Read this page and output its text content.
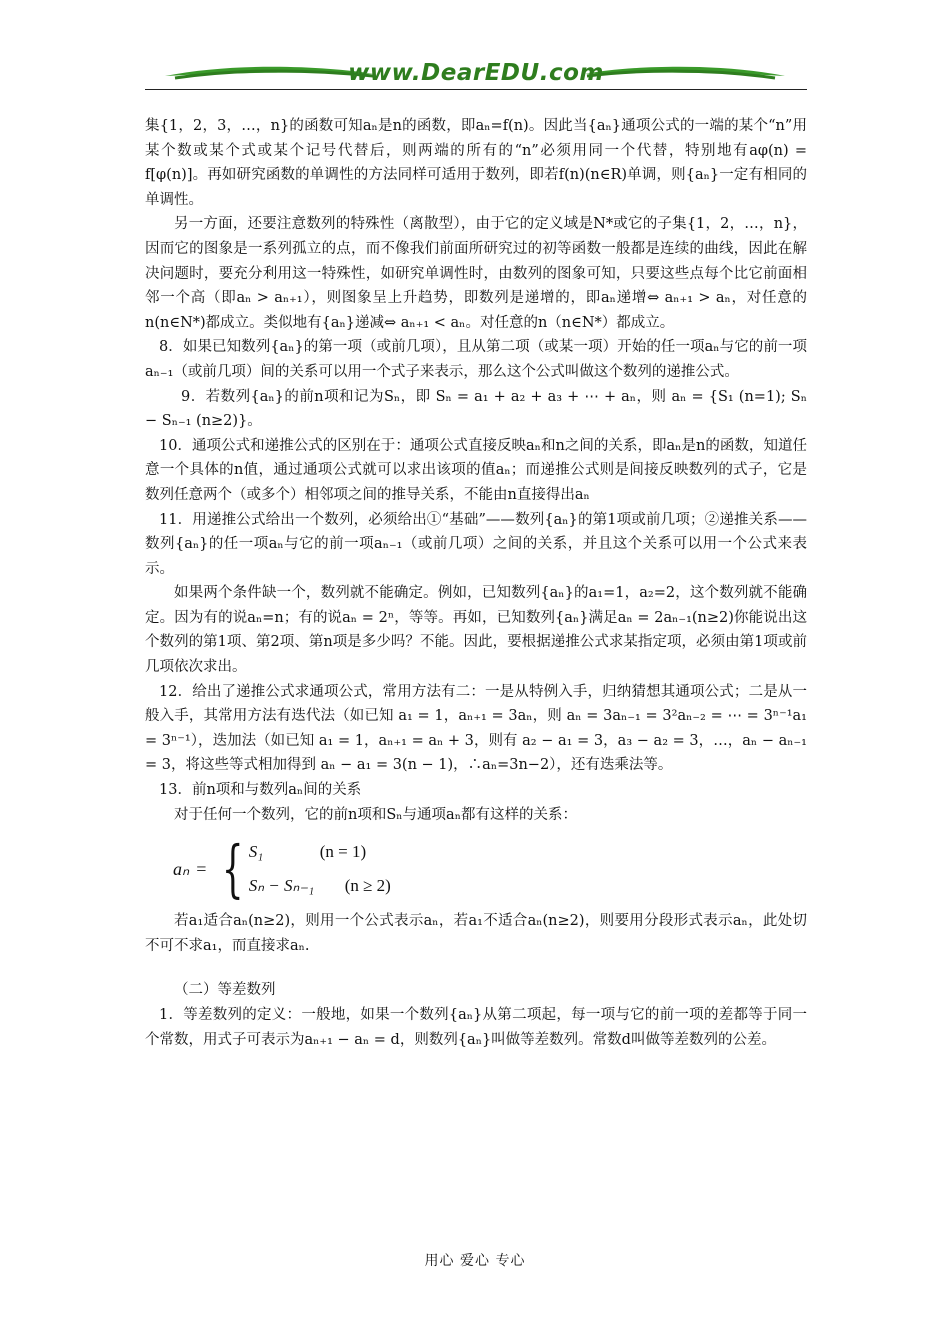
www.DearEDU.com

集{1，2，3，…，n}的函数可知aₙ是n的函数，即aₙ=f(n)。因此当{aₙ}通项公式的一端的某个“n”用某个数或某个式或某个记号代替后，则两端的所有的“n”必须用同一个代替，特别地有aφ(n) = f[φ(n)]。再如研究函数的单调性的方法同样可适用于数列，即若f(n)(n∈R)单调，则{aₙ}一定有相同的单调性。

另一方面，还要注意数列的特殊性（离散型），由于它的定义域是N*或它的子集{1，2，…，n}，因而它的图象是一系列孤立的点，而不像我们前面所研究过的初等函数一般都是连续的曲线，因此在解决问题时，要充分利用这一特殊性，如研究单调性时，由数列的图象可知，只要这些点每个比它前面相邻一个高（即aₙ > aₙ₊₁），则图象呈上升趋势，即数列是递增的，即aₙ递增⇔ aₙ₊₁ > aₙ，对任意的n(n∈N*)都成立。类似地有{aₙ}递减⇔ aₙ₊₁ < aₙ。对任意的n（n∈N*）都成立。

8．如果已知数列{aₙ}的第一项（或前几项），且从第二项（或某一项）开始的任一项aₙ与它的前一项aₙ₋₁（或前几项）间的关系可以用一个式子来表示，那么这个公式叫做这个数列的递推公式。

9．若数列{aₙ}的前n项和记为Sₙ，即 Sₙ = a₁ + a₂ + a₃ + ⋯ + aₙ，则 aₙ = {S₁ (n=1); Sₙ − Sₙ₋₁ (n≥2)}。

10．通项公式和递推公式的区别在于：通项公式直接反映aₙ和n之间的关系，即aₙ是n的函数，知道任意一个具体的n值，通过通项公式就可以求出该项的值aₙ；而递推公式则是间接反映数列的式子，它是数列任意两个（或多个）相邻项之间的推导关系，不能由n直接得出aₙ

11．用递推公式给出一个数列，必须给出①“基础”——数列{aₙ}的第1项或前几项；②递推关系——数列{aₙ}的任一项aₙ与它的前一项aₙ₋₁（或前几项）之间的关系，并且这个关系可以用一个公式来表示。

如果两个条件缺一个，数列就不能确定。例如，已知数列{aₙ}的a₁=1，a₂=2，这个数列就不能确定。因为有的说aₙ=n；有的说aₙ = 2ⁿ，等等。再如，已知数列{aₙ}满足aₙ = 2aₙ₋₁(n≥2)你能说出这个数列的第1项、第2项、第n项是多少吗？不能。因此，要根据递推公式求某指定项，必须由第1项或前几项依次求出。

12．给出了递推公式求通项公式，常用方法有二：一是从特例入手，归纳猜想其通项公式；二是从一般入手，其常用方法有迭代法（如已知 a₁ = 1，aₙ₊₁ = 3aₙ，则 aₙ = 3aₙ₋₁ = 3²aₙ₋₂ = ⋯ = 3ⁿ⁻¹a₁ = 3ⁿ⁻¹），迭加法（如已知 a₁ = 1，aₙ₊₁ = aₙ + 3，则有 a₂ − a₁ = 3，a₃ − a₂ = 3，…，aₙ − aₙ₋₁ = 3，将这些等式相加得到 aₙ − a₁ = 3(n − 1)，∴aₙ=3n−2），还有迭乘法等。

13．前n项和与数列aₙ间的关系

对于任何一个数列，它的前n项和Sₙ与通项aₙ都有这样的关系：

aₙ = { S₁	(n = 1)
Sₙ − Sₙ₋₁ (n ≥ 2)

若a₁适合aₙ(n≥2)，则用一个公式表示aₙ，若a₁不适合aₙ(n≥2)，则要用分段形式表示aₙ，此处切不可不求a₁，而直接求aₙ.

（二）等差数列

1．等差数列的定义：一般地，如果一个数列{aₙ}从第二项起，每一项与它的前一项的差都等于同一个常数，用式子可表示为aₙ₊₁ − aₙ = d，则数列{aₙ}叫做等差数列。常数d叫做等差数列的公差。

用心 爱心 专心
